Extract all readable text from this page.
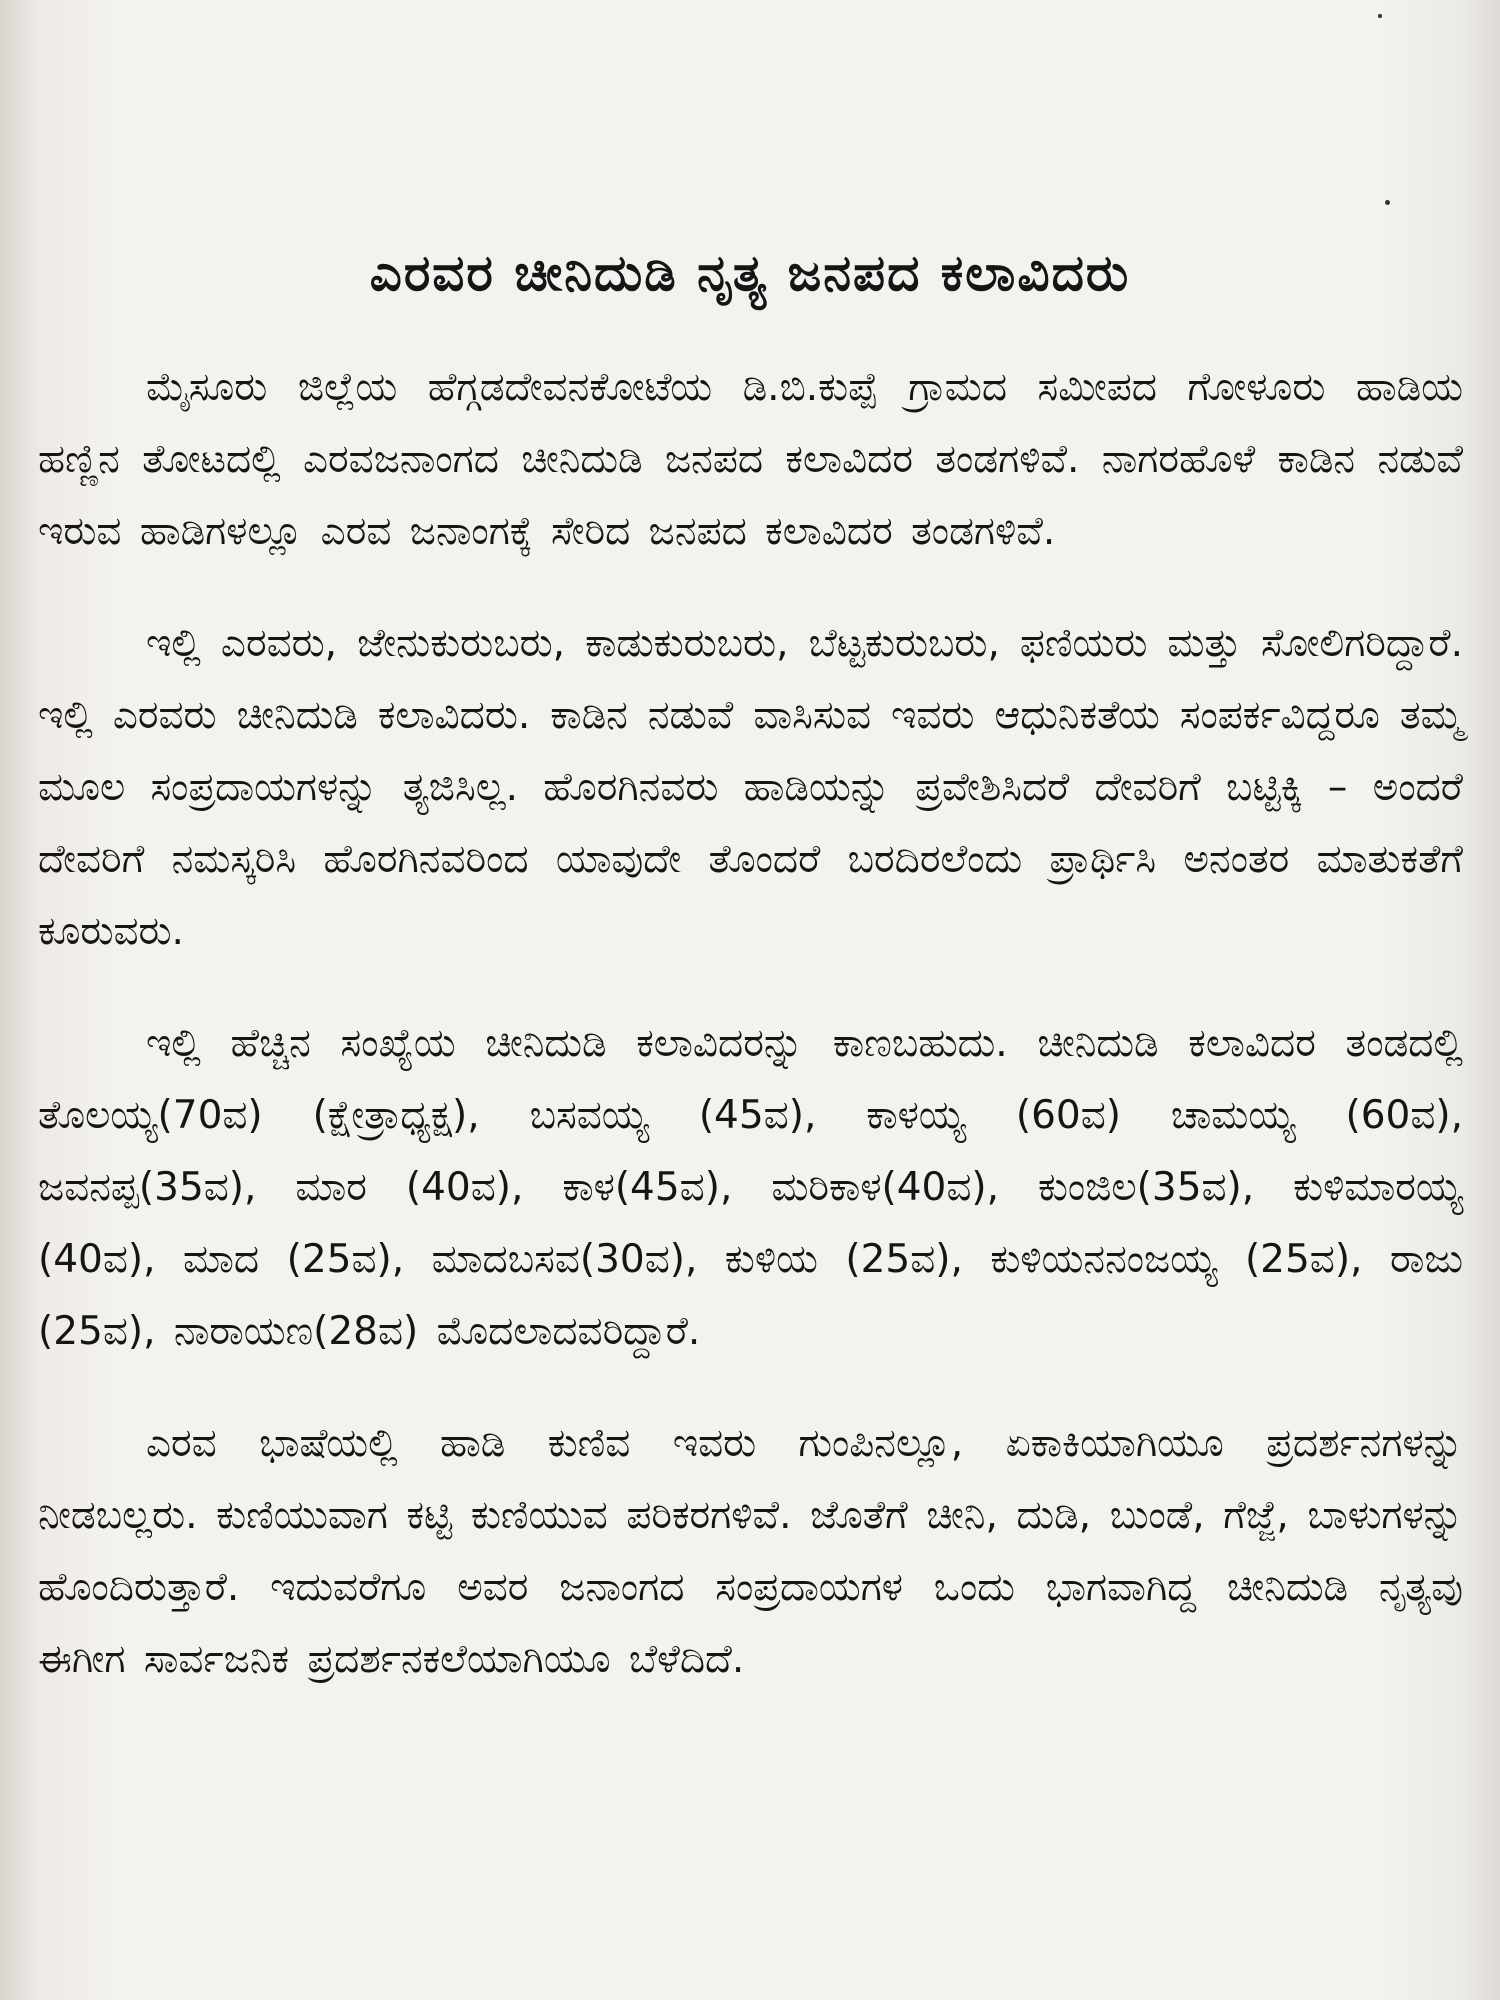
ಎರವರ ಚೀನಿದುಡಿ ನೃತ್ಯ ಜನಪದ ಕಲಾವಿದರು

ಮೈಸೂರು ಜಿಲ್ಲೆಯ ಹೆಗ್ಗಡದೇವನಕೋಟೆಯ ಡಿ.ಬಿ.ಕುಪ್ಪೆ ಗ್ರಾಮದ ಸಮೀಪದ ಗೋಳೂರು ಹಾಡಿಯ ಹಣ್ಣಿನ ತೋಟದಲ್ಲಿ ಎರವಜನಾಂಗದ ಚೀನಿದುಡಿ ಜನಪದ ಕಲಾವಿದರ ತಂಡಗಳಿವೆ. ನಾಗರಹೊಳೆ ಕಾಡಿನ ನಡುವೆ ಇರುವ ಹಾಡಿಗಳಲ್ಲೂ ಎರವ ಜನಾಂಗಕ್ಕೆ ಸೇರಿದ ಜನಪದ ಕಲಾವಿದರ ತಂಡಗಳಿವೆ.

ಇಲ್ಲಿ ಎರವರು, ಜೇನುಕುರುಬರು, ಕಾಡುಕುರುಬರು, ಬೆಟ್ಟಕುರುಬರು, ಫಣಿಯರು ಮತ್ತು ಸೋಲಿಗರಿದ್ದಾರೆ. ಇಲ್ಲಿ ಎರವರು ಚೀನಿದುಡಿ ಕಲಾವಿದರು. ಕಾಡಿನ ನಡುವೆ ವಾಸಿಸುವ ಇವರು ಆಧುನಿಕತೆಯ ಸಂಪರ್ಕವಿದ್ದರೂ ತಮ್ಮ ಮೂಲ ಸಂಪ್ರದಾಯಗಳನ್ನು ತ್ಯಜಿಸಿಲ್ಲ. ಹೊರಗಿನವರು ಹಾಡಿಯನ್ನು ಪ್ರವೇಶಿಸಿದರೆ ದೇವರಿಗೆ ಬಟ್ಟಿಕ್ಕಿ – ಅಂದರೆ ದೇವರಿಗೆ ನಮಸ್ಕರಿಸಿ ಹೊರಗಿನವರಿಂದ ಯಾವುದೇ ತೊಂದರೆ ಬರದಿರಲೆಂದು ಪ್ರಾರ್ಥಿಸಿ ಅನಂತರ ಮಾತುಕತೆಗೆ ಕೂರುವರು.

ಇಲ್ಲಿ ಹೆಚ್ಚಿನ ಸಂಖ್ಯೆಯ ಚೀನಿದುಡಿ ಕಲಾವಿದರನ್ನು ಕಾಣಬಹುದು. ಚೀನಿದುಡಿ ಕಲಾವಿದರ ತಂಡದಲ್ಲಿ ತೊಲಯ್ಯ(70ವ) (ಕ್ಷೇತ್ರಾಧ್ಯಕ್ಷ), ಬಸವಯ್ಯ (45ವ), ಕಾಳಯ್ಯ (60ವ) ಚಾಮಯ್ಯ (60ವ), ಜವನಪ್ಪ(35ವ), ಮಾರ (40ವ), ಕಾಳ(45ವ), ಮರಿಕಾಳ(40ವ), ಕುಂಜಿಲ(35ವ), ಕುಳಿಮಾರಯ್ಯ (40ವ), ಮಾದ (25ವ), ಮಾದಬಸವ(30ವ), ಕುಳಿಯ (25ವ), ಕುಳಿಯನನಂಜಯ್ಯ (25ವ), ರಾಜು (25ವ), ನಾರಾಯಣ(28ವ) ಮೊದಲಾದವರಿದ್ದಾರೆ.

ಎರವ ಭಾಷೆಯಲ್ಲಿ ಹಾಡಿ ಕುಣಿವ ಇವರು ಗುಂಪಿನಲ್ಲೂ, ಏಕಾಕಿಯಾಗಿಯೂ ಪ್ರದರ್ಶನಗಳನ್ನು ನೀಡಬಲ್ಲರು. ಕುಣಿಯುವಾಗ ಕಟ್ಟಿ ಕುಣಿಯುವ ಪರಿಕರಗಳಿವೆ. ಜೊತೆಗೆ ಚೀನಿ, ದುಡಿ, ಬುಂಡೆ, ಗೆಜ್ಜೆ, ಬಾಳುಗಳನ್ನು ಹೊಂದಿರುತ್ತಾರೆ. ಇದುವರೆಗೂ ಅವರ ಜನಾಂಗದ ಸಂಪ್ರದಾಯಗಳ ಒಂದು ಭಾಗವಾಗಿದ್ದ ಚೀನಿದುಡಿ ನೃತ್ಯವು ಈಗೀಗ ಸಾರ್ವಜನಿಕ ಪ್ರದರ್ಶನಕಲೆಯಾಗಿಯೂ ಬೆಳೆದಿದೆ.
